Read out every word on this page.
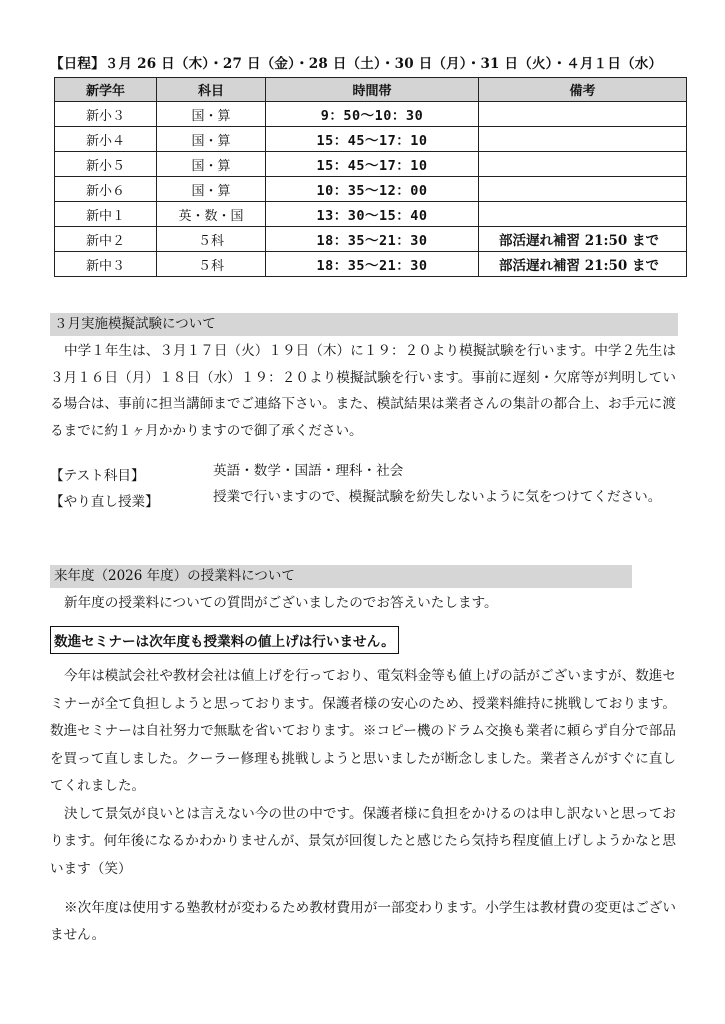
【日程】３月 26 日（木）・27 日（金）・28 日（土）・30 日（月）・31 日（火）・４月１日（水）
新学年	科目	時間帯	備考
新小３	国・算	9：50〜10：30	
新小４	国・算	15：45〜17：10	
新小５	国・算	15：45〜17：10	
新小６	国・算	10：35〜12：00	
新中１	英・数・国	13：30〜15：40	
新中２	５科	18：35〜21：30	部活遅れ補習 21:50 まで
新中３	５科	18：35〜21：30	部活遅れ補習 21:50 まで
３月実施模擬試験について
中学１年生は、３月１７日（火）１９日（木）に１９：２０より模擬試験を行います。中学２先生は３月１６日（月）１８日（水）１９：２０より模擬試験を行います。事前に遅刻・欠席等が判明している場合は、事前に担当講師までご連絡下さい。また、模試結果は業者さんの集計の都合上、お手元に渡るまでに約１ヶ月かかりますので御了承ください。
【テスト科目】	英語・数学・国語・理科・社会
【やり直し授業】	授業で行いますので、模擬試験を紛失しないように気をつけてください。
来年度（2026 年度）の授業料について
新年度の授業料についての質問がございましたのでお答えいたします。
数進セミナーは次年度も授業料の値上げは行いません。

今年は模試会社や教材会社は値上げを行っており、電気料金等も値上げの話がございますが、数進セミナーが全て負担しようと思っております。保護者様の安心のため、授業料維持に挑戦しております。数進セミナーは自社努力で無駄を省いております。※コピー機のドラム交換も業者に頼らず自分で部品を買って直しました。クーラー修理も挑戦しようと思いましたが断念しました。業者さんがすぐに直してくれました。

決して景気が良いとは言えない今の世の中です。保護者様に負担をかけるのは申し訳ないと思っております。何年後になるかわかりませんが、景気が回復したと感じたら気持ち程度値上げしようかなと思います（笑）

※次年度は使用する塾教材が変わるため教材費用が一部変わります。小学生は教材費の変更はございません。
